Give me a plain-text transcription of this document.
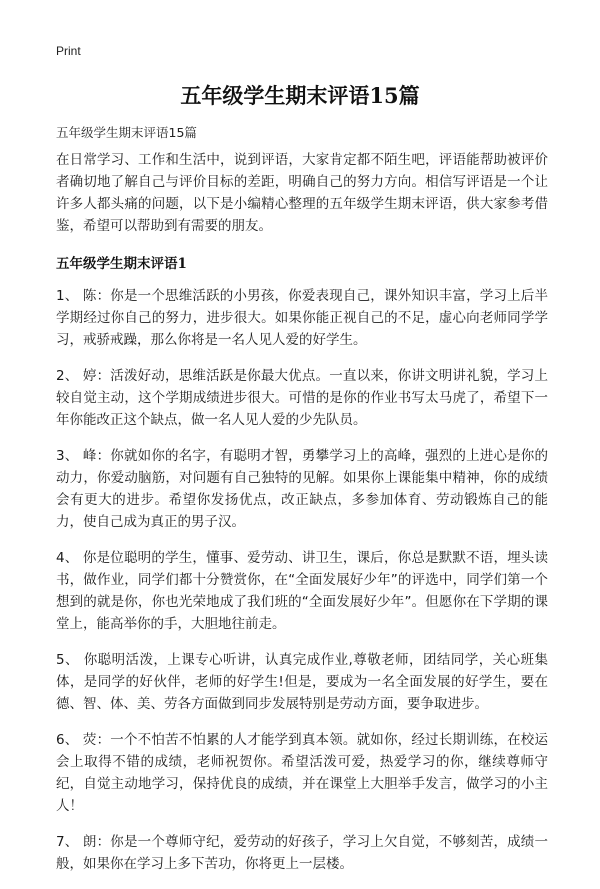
Print
五年级学生期末评语15篇
五年级学生期末评语15篇

在日常学习、工作和生活中，说到评语，大家肯定都不陌生吧，评语能帮助被评价者确切地了解自己与评价目标的差距，明确自己的努力方向。相信写评语是一个让许多人都头痛的问题，以下是小编精心整理的五年级学生期末评语，供大家参考借鉴，希望可以帮助到有需要的朋友。

五年级学生期末评语1

1、 陈：你是一个思维活跃的小男孩，你爱表现自己，课外知识丰富，学习上后半学期经过你自己的努力，进步很大。如果你能正视自己的不足，虚心向老师同学学习，戒骄戒躁，那么你将是一名人见人爱的好学生。

2、 婷：活泼好动，思维活跃是你最大优点。一直以来，你讲文明讲礼貌，学习上较自觉主动，这个学期成绩进步很大。可惜的是你的作业书写太马虎了，希望下一年你能改正这个缺点，做一名人见人爱的少先队员。

3、 峰：你就如你的名字，有聪明才智，勇攀学习上的高峰，强烈的上进心是你的动力，你爱动脑筋，对问题有自己独特的见解。如果你上课能集中精神，你的成绩会有更大的进步。希望你发扬优点，改正缺点，多参加体育、劳动锻炼自己的能力，使自己成为真正的男子汉。

4、 你是位聪明的学生，懂事、爱劳动、讲卫生，课后，你总是默默不语，埋头读书，做作业，同学们都十分赞赏你，在“全面发展好少年”的评选中，同学们第一个想到的就是你，你也光荣地成了我们班的“全面发展好少年”。但愿你在下学期的课堂上，能高举你的手，大胆地往前走。

5、 你聪明活泼，上课专心听讲，认真完成作业,尊敬老师，团结同学，关心班集体，是同学的好伙伴，老师的好学生!但是，要成为一名全面发展的好学生，要在德、智、体、美、劳各方面做到同步发展特别是劳动方面，要争取进步。

6、 荧：一个不怕苦不怕累的人才能学到真本领。就如你，经过长期训练，在校运会上取得不错的成绩，老师祝贺你。希望活泼可爱，热爱学习的你，继续尊师守纪，自觉主动地学习，保持优良的成绩，并在课堂上大胆举手发言，做学习的小主人！

7、 朗：你是一个尊师守纪，爱劳动的好孩子，学习上欠自觉，不够刻苦，成绩一般，如果你在学习上多下苦功，你将更上一层楼。
